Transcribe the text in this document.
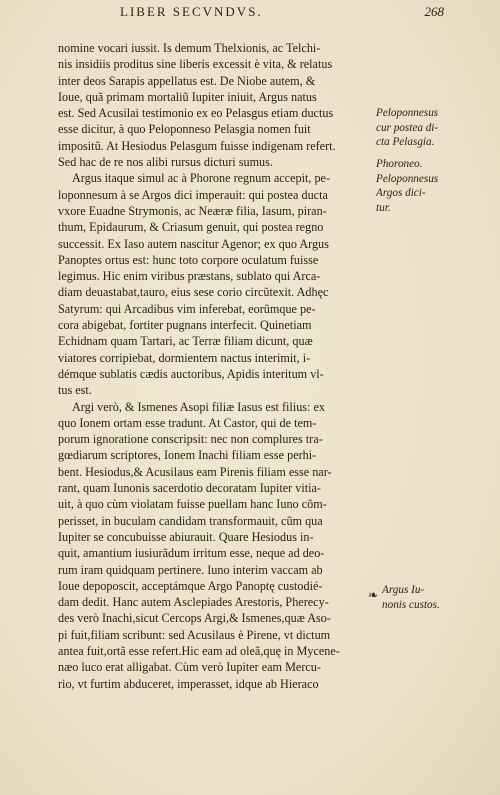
LIBER SECVNDVS.	268
nomine vocari iussit. Is demum Thelxionis, ac Telchi-
nis insidiis proditus sine liberis excessit è vita, & relatus
inter deos Sarapis appellatus est. De Niobe autem, &
Ioue, quã primam mortaliũ Iupiter iniuit, Argus natus
est. Sed Acusilai testimonio ex eo Pelasgus etiam ductus
esse dicitur, à quo Peloponneso Pelasgia nomen fuit
impositũ. At Hesiodus Pelasgum fuisse indigenam refert.
Sed hac de re nos alibi rursus dicturi sumus.
Argus itaque simul ac à Phorone regnum accepit, pe-
loponnesum à se Argos dici imperauit: qui postea ducta
vxore Euadne Strymonis, ac Neæræ filia, Iasum, piran-
thum, Epidaurum, & Criasum genuit, qui postea regno
successit. Ex Iaso autem nascitur Agenor; ex quo Argus
Panoptes ortus est: hunc toto corpore oculatum fuisse
legimus. Hic enim viribus præstans, sublato qui Arca-
diam deuastabat,tauro, eius sese corio circũtexit. Adhęc
Satyrum: qui Arcadibus vim inferebat, eorũmque pe-
cora abigebat, fortiter pugnans interfecit. Quinetiam
Echidnam quam Tartari, ac Terræ filiam dicunt, quæ
viatores corripiebat, dormientem nactus interimit, i-
démque sublatis cædis auctoribus, Apidis interitum vl-
tus est.
Argi verò, & Ismenes Asopi filiæ Iasus est filius: ex
quo Ionem ortam esse tradunt. At Castor, qui de tem-
porum ignoratione conscripsit: nec non complures tra-
gœdiarum scriptores, Ionem Inachi filiam esse perhi-
bent. Hesiodus,& Acusilaus eam Pirenis filiam esse nar-
rant, quam Iunonis sacerdotio decoratam Iupiter vitia-
uit, à quo cùm violatam fuisse puellam hanc Iuno cõm-
perisset, in buculam candidam transformauit, cũm qua
Iupiter se concubuisse abiurauit. Quare Hesiodus in-
quit, amantium iusiurãdum irritum esse, neque ad deo-
rum iram quidquam pertinere. Iuno interim vaccam ab
Ioue depoposcit, acceptámque Argo Panoptę custodié-
dam dedit. Hanc autem Asclepiades Arestoris, Pherecy-
des verò Inachi,sicut Cercops Argi,& Ismenes,quæ Aso-
pi fuit,filiam scribunt: sed Acusilaus è Pirene, vt dictum
antea fuit,ortã esse refert.Hic eam ad oleã,quę in Mycene-
næo luco erat alligabat. Cùm verò Iupiter eam Mercu-
rio, vt furtim abduceret, imperasset, idque ab Hieraco
Peloponnesus
cur postea di-
cta Pelasgia.
Phoroneo.
Peloponnesus
Argos dici-
tur.
❧ Argus Iu-
nonis custos.
